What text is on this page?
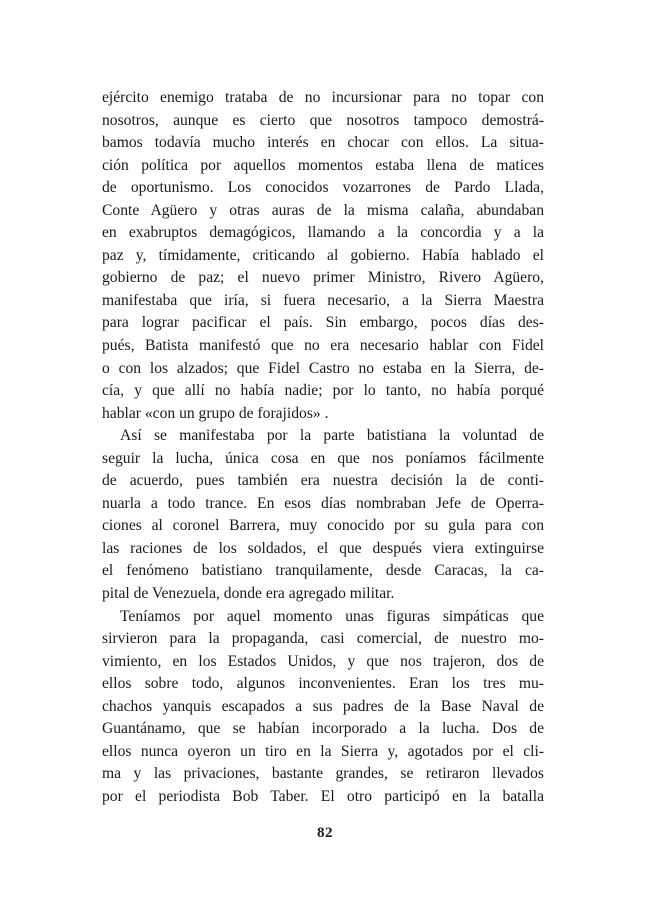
ejército enemigo trataba de no incursionar para no topar con
nosotros, aunque es cierto que nosotros tampoco demostrá-
bamos todavía mucho interés en chocar con ellos. La situa-
ción política por aquellos momentos estaba llena de matices
de oportunismo. Los conocidos vozarrones de Pardo Llada,
Conte Agüero y otras auras de la misma calaña, abundaban
en exabruptos demagógicos, llamando a la concordia y a la
paz y, tímidamente, criticando al gobierno. Había hablado el
gobierno de paz; el nuevo primer Ministro, Rivero Agüero,
manifestaba que iría, si fuera necesario, a la Sierra Maestra
para lograr pacificar el país. Sin embargo, pocos días des-
pués, Batista manifestó que no era necesario hablar con Fidel
o con los alzados; que Fidel Castro no estaba en la Sierra, de-
cía, y que allí no había nadie; por lo tanto, no había porqué
hablar «con un grupo de forajidos» .
Así se manifestaba por la parte batistiana la voluntad de
seguir la lucha, única cosa en que nos poníamos fácilmente
de acuerdo, pues también era nuestra decisión la de conti-
nuarla a todo trance. En esos días nombraban Jefe de Operra-
ciones al coronel Barrera, muy conocido por su gula para con
las raciones de los soldados, el que después viera extinguirse
el fenómeno batistiano tranquilamente, desde Caracas, la ca-
pital de Venezuela, donde era agregado militar.
Teníamos por aquel momento unas figuras simpáticas que
sirvieron para la propaganda, casi comercial, de nuestro mo-
vimiento, en los Estados Unidos, y que nos trajeron, dos de
ellos sobre todo, algunos inconvenientes. Eran los tres mu-
chachos yanquis escapados a sus padres de la Base Naval de
Guantánamo, que se habían incorporado a la lucha. Dos de
ellos nunca oyeron un tiro en la Sierra y, agotados por el cli-
ma y las privaciones, bastante grandes, se retiraron llevados
por el periodista Bob Taber. El otro participó en la batalla
82
